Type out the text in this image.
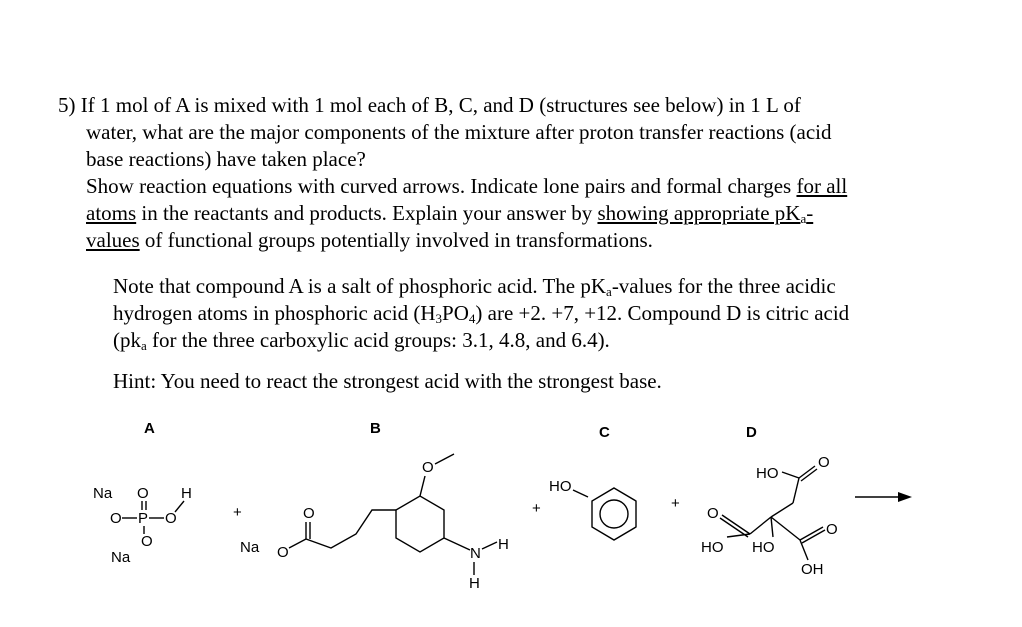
5) If 1 mol of A is mixed with 1 mol each of B, C, and D (structures see below) in 1 L of
water, what are the major components of the mixture after proton transfer reactions (acid
base reactions) have taken place?
Show reaction equations with curved arrows. Indicate lone pairs and formal charges for all
atoms in the reactants and products. Explain your answer by showing appropriate $pK_a-$
values of functional groups potentially involved in transformations.
Note that compound A is a salt of phosphoric acid. The $pK_a$-values for the three acidic
hydrogen atoms in phosphoric acid $(H_3PO_4)$ are +2. +7, +12. Compound D is citric acid
($pk_a$ for the three carboxylic acid groups: 3.1, 4.8, and 6.4).
Hint: You need to react the strongest acid with the strongest base.
A	B	C	D
Na O H
O P O
O
Na
+
Na O
O
O
N
H
H
+
HO
+
HO
O
O
O
HO HO
OH
